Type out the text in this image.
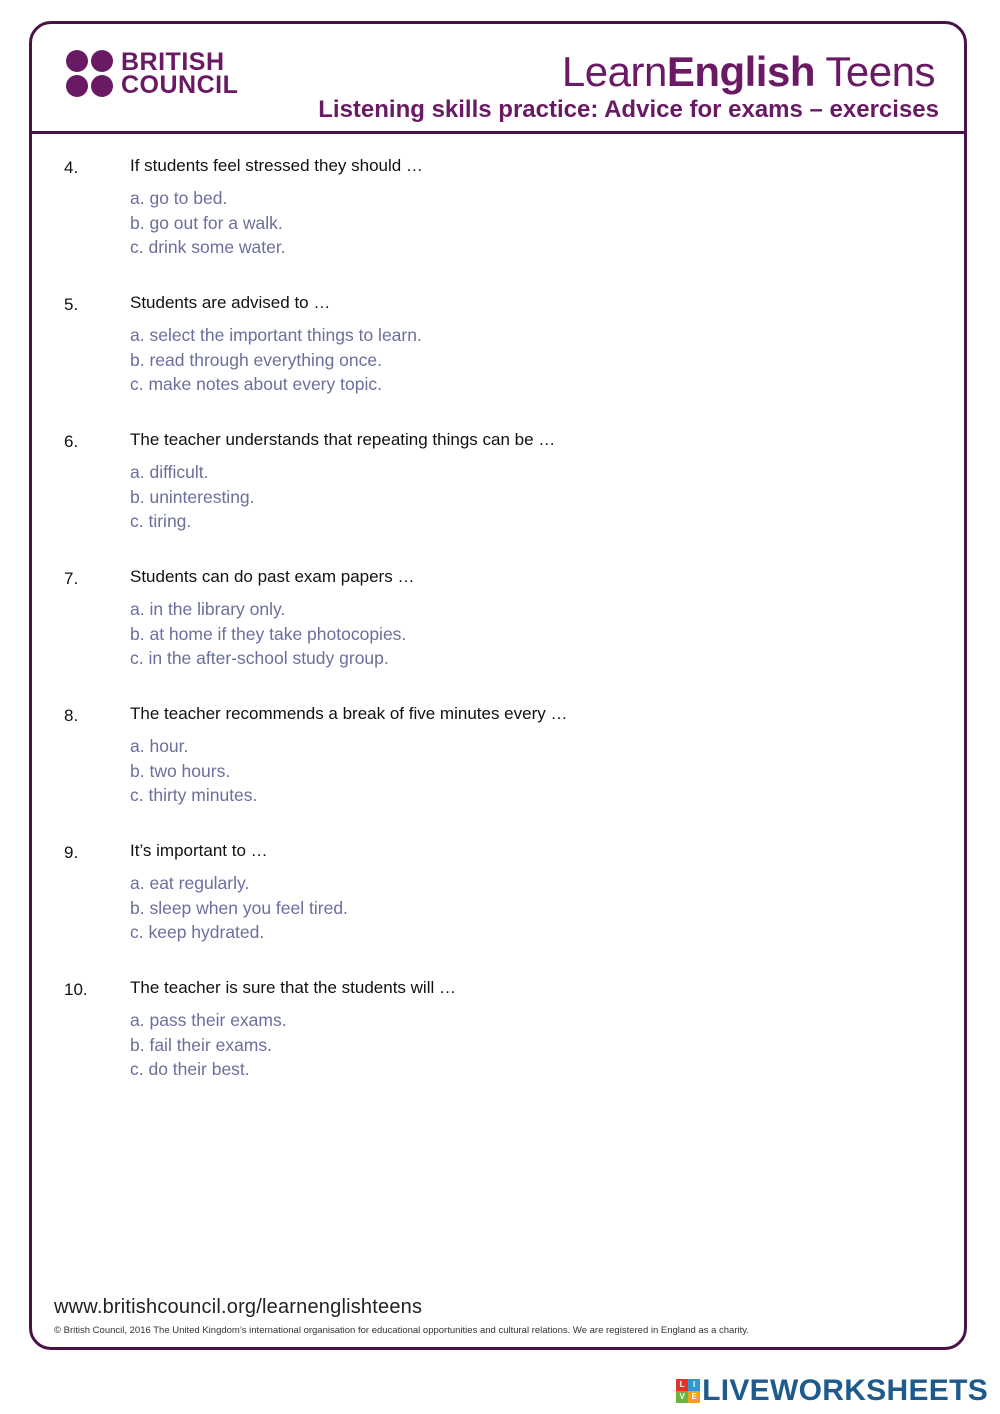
BRITISH
COUNCIL	LearnEnglish Teens
Listening skills practice: Advice for exams – exercises
4.	If students feel stressed they should …
a. go to bed.
b. go out for a walk.
c. drink some water.
5.	Students are advised to …
a. select the important things to learn.
b. read through everything once.
c. make notes about every topic.
6.	The teacher understands that repeating things can be …
a. difficult.
b. uninteresting.
c. tiring.
7.	Students can do past exam papers …
a. in the library only.
b. at home if they take photocopies.
c. in the after-school study group.
8.	The teacher recommends a break of five minutes every …
a. hour.
b. two hours.
c. thirty minutes.
9.	It’s important to …
a. eat regularly.
b. sleep when you feel tired.
c. keep hydrated.
10. The teacher is sure that the students will …
a. pass their exams.
b. fail their exams.
c. do their best.
www.britishcouncil.org/learnenglishteens
© British Council, 2016 The United Kingdom’s international organisation for educational opportunities and cultural relations. We are registered in England as a charity.
L	I
V E LIVEWORKSHEETS
